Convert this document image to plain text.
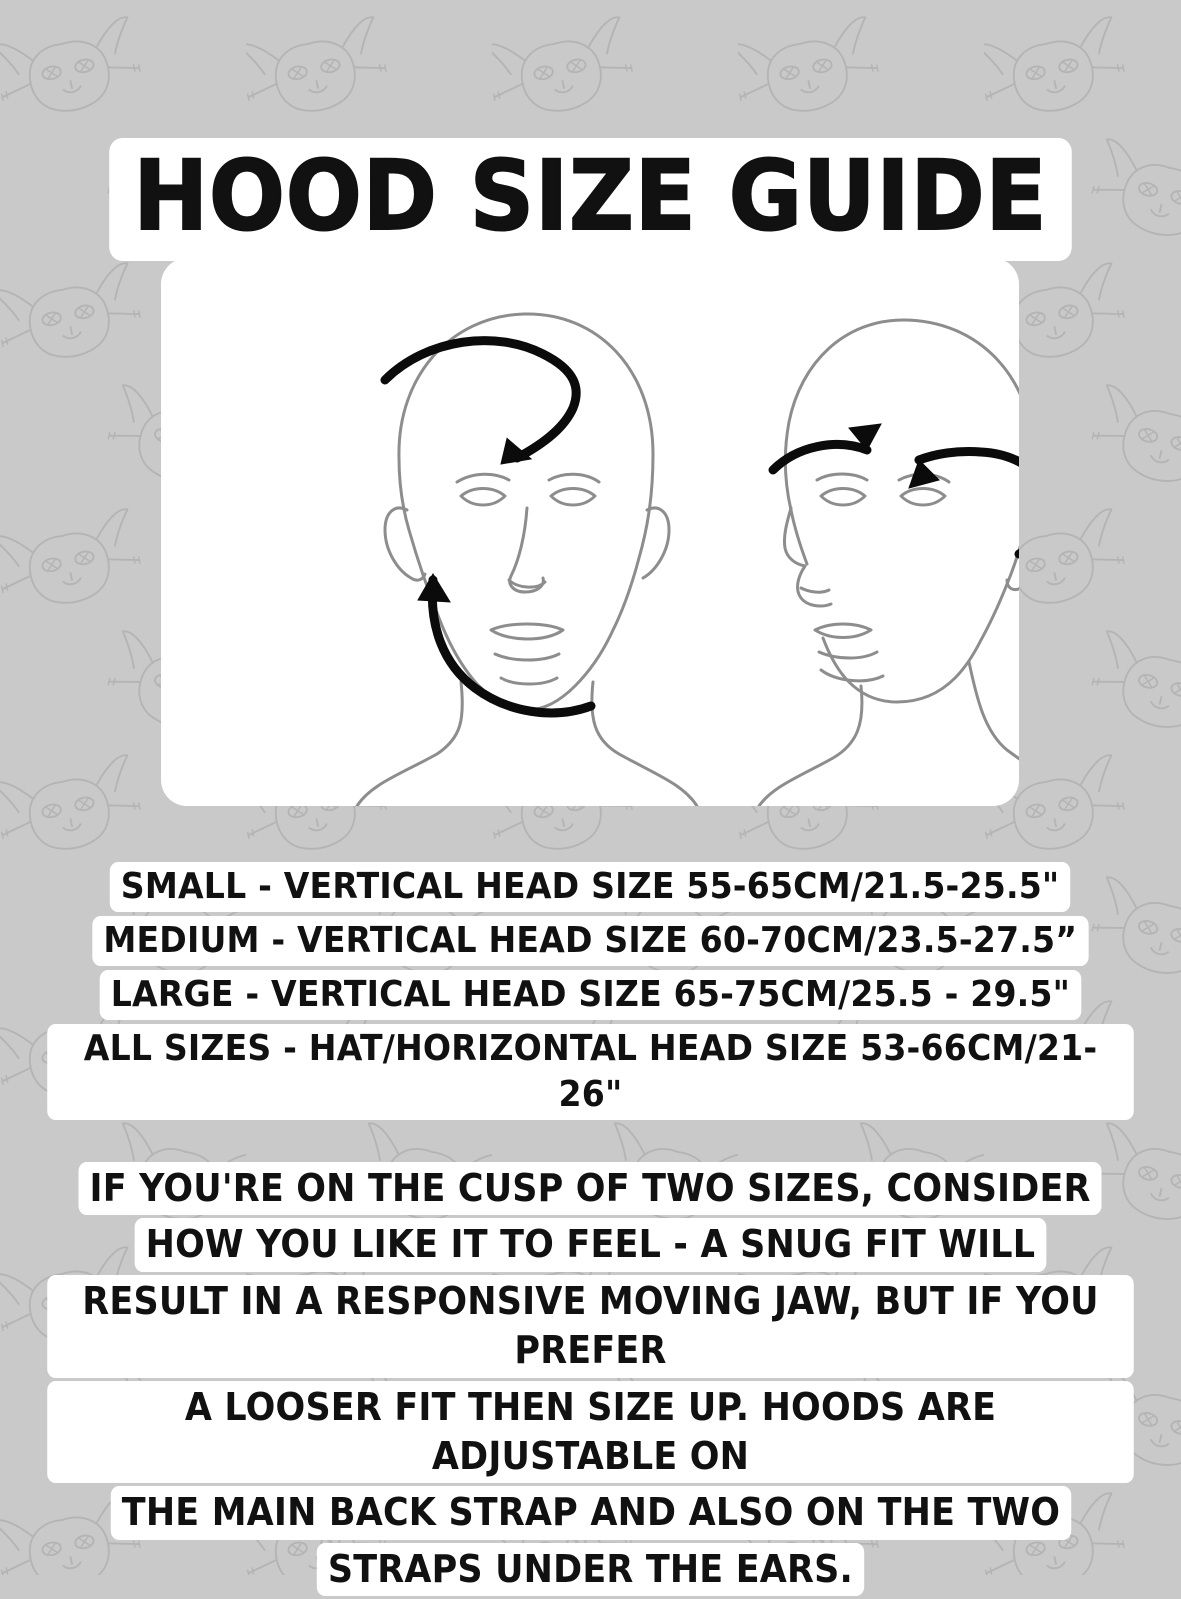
HOOD SIZE GUIDE
SMALL - VERTICAL HEAD SIZE 55-65CM/21.5-25.5"
MEDIUM - VERTICAL HEAD SIZE 60-70CM/23.5-27.5”
LARGE - VERTICAL HEAD SIZE 65-75CM/25.5 - 29.5"
ALL SIZES - HAT/HORIZONTAL HEAD SIZE 53-66CM/21-26"
IF YOU'RE ON THE CUSP OF TWO SIZES, CONSIDER
HOW YOU LIKE IT TO FEEL - A SNUG FIT WILL
RESULT IN A RESPONSIVE MOVING JAW, BUT IF YOU PREFER
A LOOSER FIT THEN SIZE UP. HOODS ARE ADJUSTABLE ON
THE MAIN BACK STRAP AND ALSO ON THE TWO
STRAPS UNDER THE EARS.
